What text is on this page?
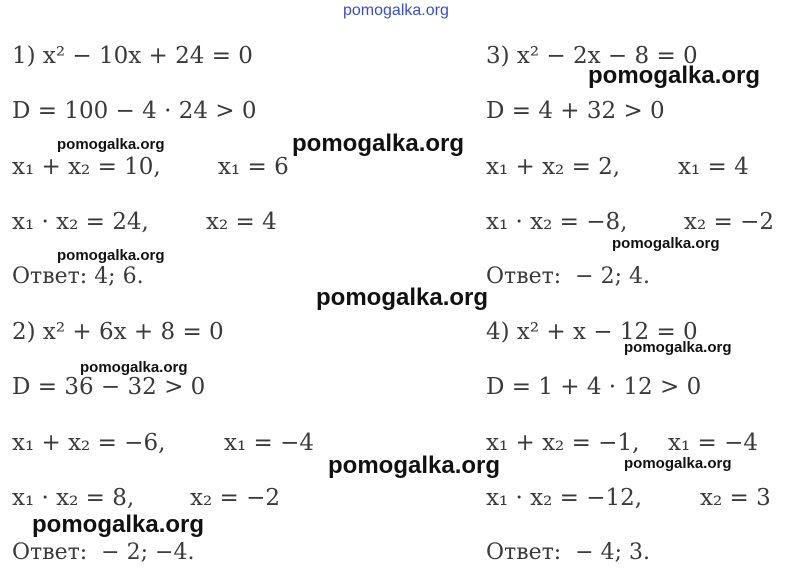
pomogalka.org
1) x² − 10x + 24 = 0
D = 100 − 4 · 24 > 0
x₁ + x₂ = 10, x₁ = 6
x₁ · x₂ = 24, x₂ = 4
Ответ: 4; 6.
3) x² − 2x − 8 = 0
D = 4 + 32 > 0
x₁ + x₂ = 2,	x₁ = 4
x₁ · x₂ = −8, x₂ = −2
Ответ:  − 2; 4.
2) x² + 6x + 8 = 0
D = 36 − 32 > 0
x₁ + x₂ = −6,	x₁ = −4
x₁ · x₂ = 8, x₂ = −2
Ответ:  − 2; −4.
4) x² + x − 12 = 0
D = 1 + 4 · 12 > 0
x₁ + x₂ = −1, x₁ = −4
x₁ · x₂ = −12,	x₂ = 3
Ответ:  − 4; 3.
pomogalka.org
pomogalka.org
pomogalka.org
pomogalka.org
pomogalka.org
pomogalka.org
pomogalka.org
pomogalka.org
pomogalka.org	pomogalka.org
pomogalka.org
